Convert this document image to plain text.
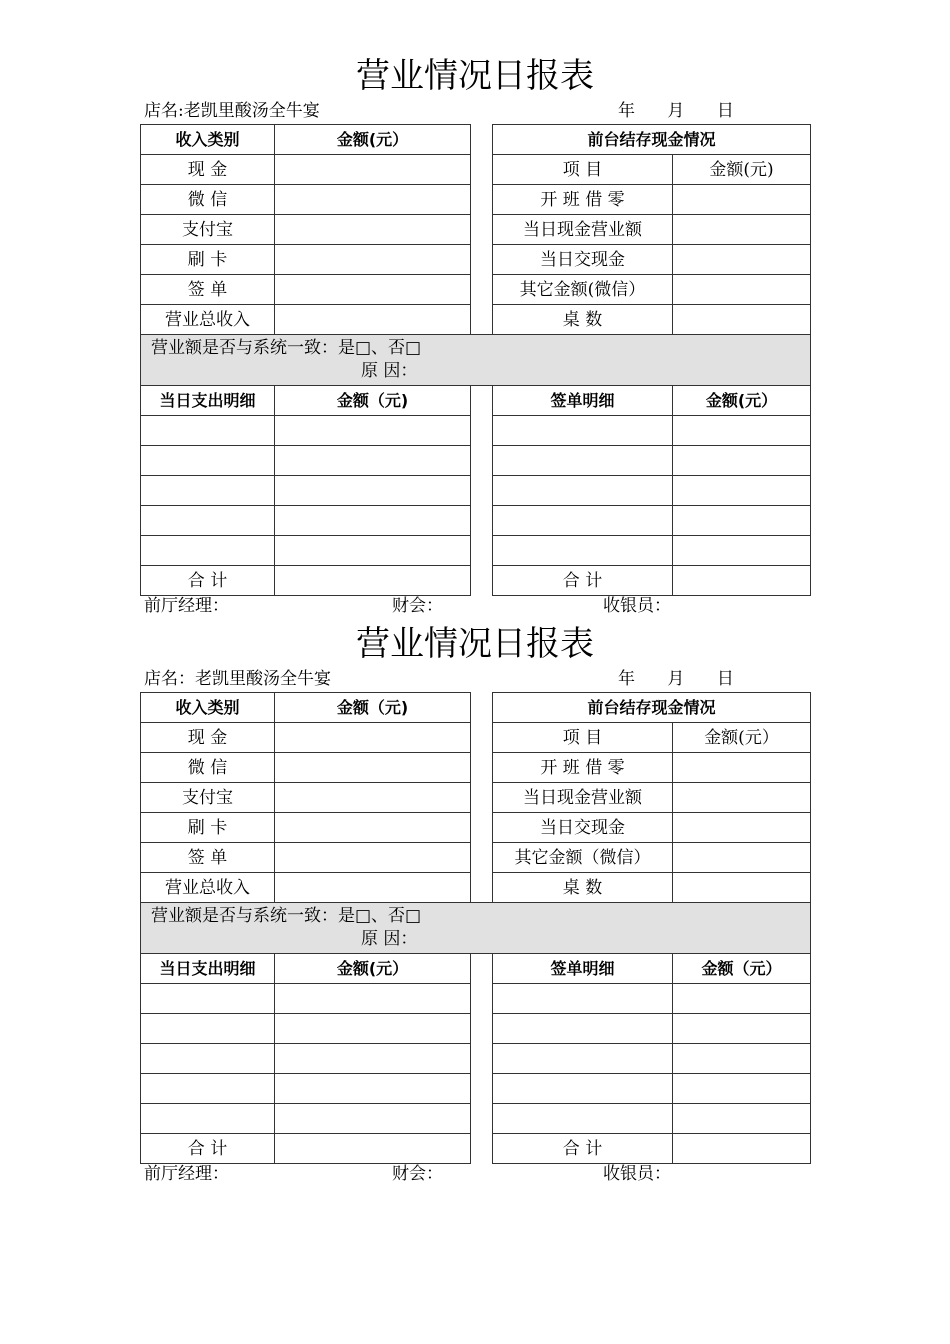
营业情况日报表
店名:老凯里酸汤全牛宴	年      月      日
收入类别	金额(元）		前台结存现金情况	
现 金			项 目	金额(元)
微 信			开 班 借 零	
支付宝			当日现金营业额	
刷 卡			当日交现金	
签 单			其它金额(微信）	
营业总收入			桌 数	
营业额是否与系统一致：是□、否□
原 因：				

当日支出明细	金额（元)		签单明细	金额(元）

合 计			合 计	
前厅经理：	财会：	收银员：
营业情况日报表
店名：老凯里酸汤全牛宴	年      月      日
收入类别	金额（元)		前台结存现金情况	
现 金			项 目	金额(元）
微 信			开 班 借 零	
支付宝			当日现金营业额	
刷 卡			当日交现金	
签 单			其它金额（微信）	
营业总收入			桌 数	
营业额是否与系统一致：是□、否□
原 因：				

当日支出明细	金额(元）		签单明细	金额（元）

合 计			合 计	
前厅经理：	财会：	收银员：
